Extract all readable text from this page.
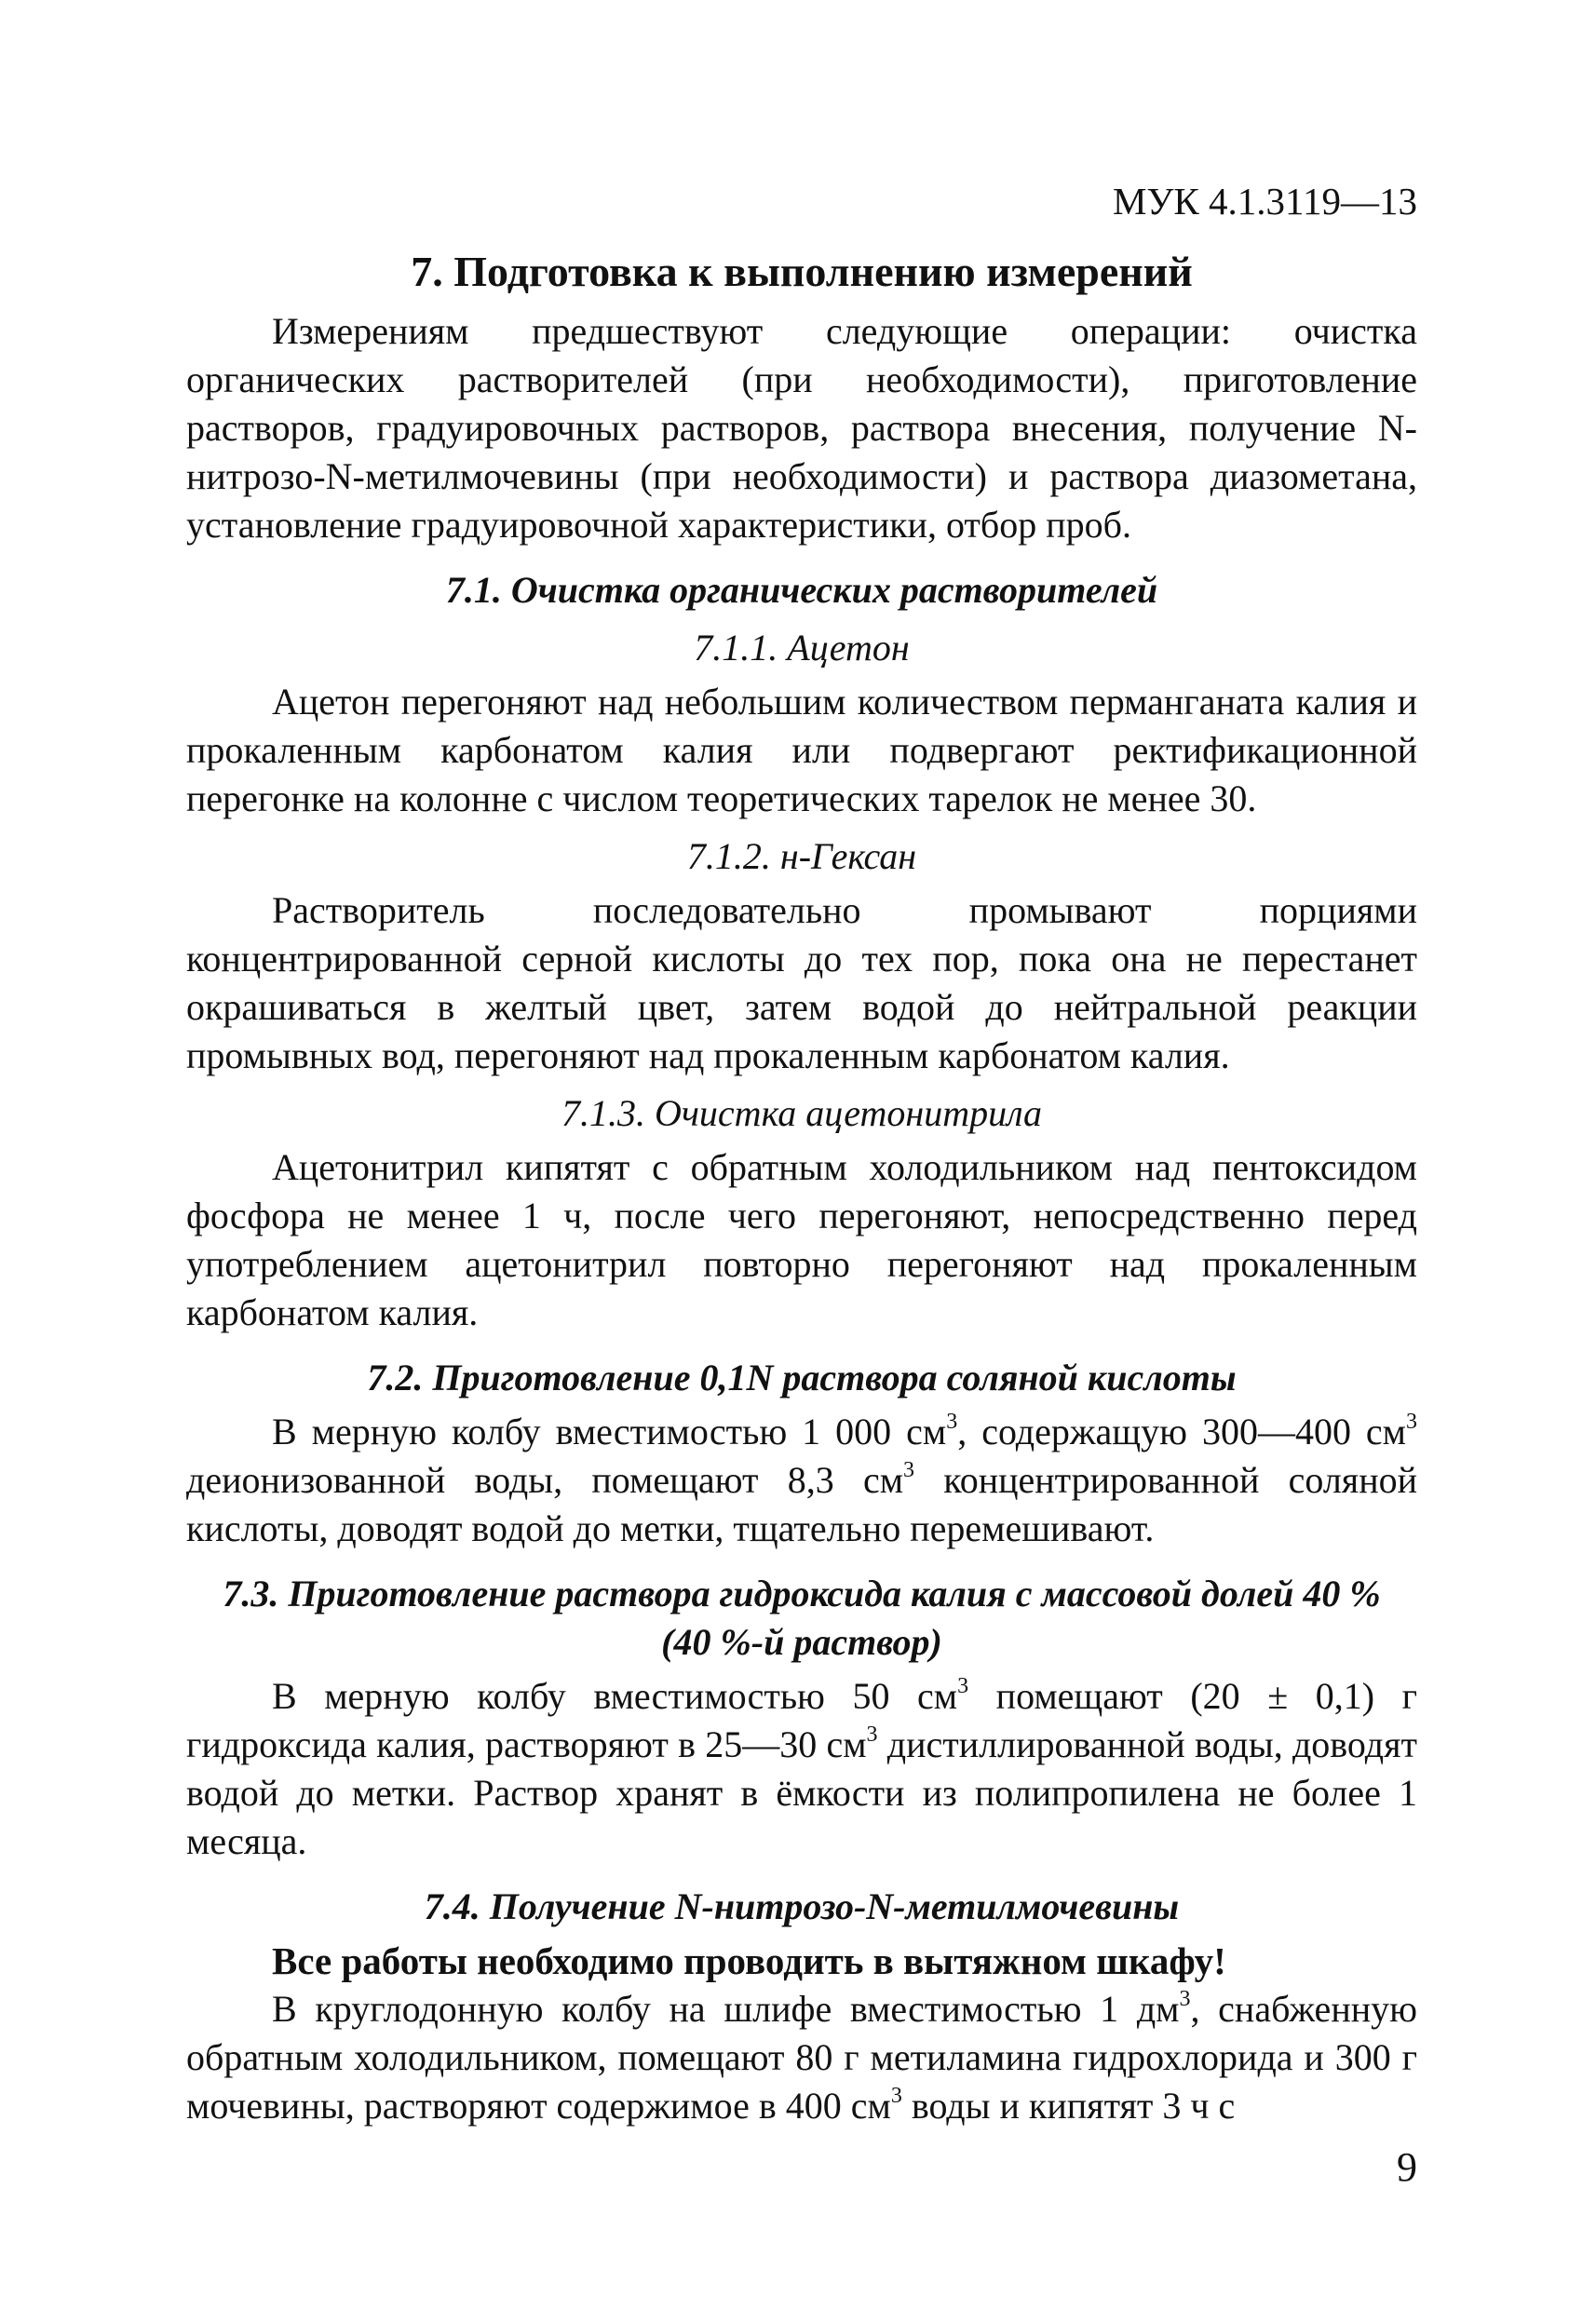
МУК 4.1.3119—13
7. Подготовка к выполнению измерений

Измерениям предшествуют следующие операции: очистка органических растворителей (при необходимости), приготовление растворов, градуировочных растворов, раствора внесения, получение N-нитрозо-N-метилмочевины (при необходимости) и раствора диазометана, установление градуировочной характеристики, отбор проб.

7.1. Очистка органических растворителей
7.1.1. Ацетон

Ацетон перегоняют над небольшим количеством перманганата калия и прокаленным карбонатом калия или подвергают ректификационной перегонке на колонне с числом теоретических тарелок не менее 30.

7.1.2. н-Гексан

Растворитель последовательно промывают порциями концентрированной серной кислоты до тех пор, пока она не перестанет окрашиваться в желтый цвет, затем водой до нейтральной реакции промывных вод, перегоняют над прокаленным карбонатом калия.

7.1.3. Очистка ацетонитрила

Ацетонитрил кипятят с обратным холодильником над пентоксидом фосфора не менее 1 ч, после чего перегоняют, непосредственно перед употреблением ацетонитрил повторно перегоняют над прокаленным карбонатом калия.

7.2. Приготовление 0,1N раствора соляной кислоты

В мерную колбу вместимостью 1 000 $см^3$, содержащую 300—400 $см^3$ деионизованной воды, помещают 8,3 $см^3$ концентрированной соляной кислоты, доводят водой до метки, тщательно перемешивают.

7.3. Приготовление раствора гидроксида калия с массовой долей 40 %
(40 %-й раствор)

В мерную колбу вместимостью 50 $см^3$ помещают (20 ± 0,1) г гидроксида калия, растворяют в 25—30 $см^3$ дистиллированной воды, доводят водой до метки. Раствор хранят в ёмкости из полипропилена не более 1 месяца.

7.4. Получение N-нитрозо-N-метилмочевины
Все работы необходимо проводить в вытяжном шкафу!

В круглодонную колбу на шлифе вместимостью 1 $дм^3$, снабженную обратным холодильником, помещают 80 г метиламина гидрохлорида и 300 г мочевины, растворяют содержимое в 400 $см^3$ воды и кипятят 3 ч с

9
